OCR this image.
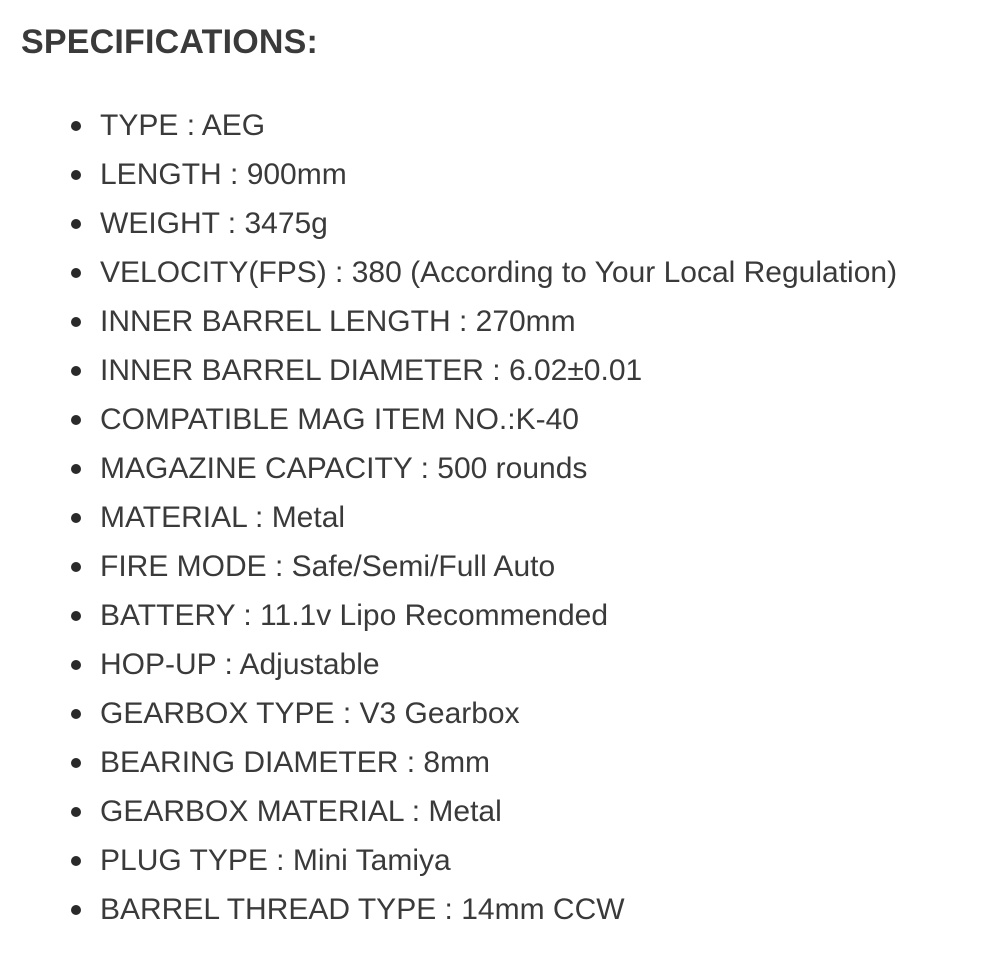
SPECIFICATIONS:
TYPE : AEG
LENGTH : 900mm
WEIGHT : 3475g
VELOCITY(FPS) : 380 (According to Your Local Regulation)
INNER BARREL LENGTH : 270mm
INNER BARREL DIAMETER : 6.02±0.01
COMPATIBLE MAG ITEM NO.:K-40
MAGAZINE CAPACITY : 500 rounds
MATERIAL : Metal
FIRE MODE : Safe/Semi/Full Auto
BATTERY : 11.1v Lipo Recommended
HOP-UP : Adjustable
GEARBOX TYPE : V3 Gearbox
BEARING DIAMETER : 8mm
GEARBOX MATERIAL : Metal
PLUG TYPE : Mini Tamiya
BARREL THREAD TYPE : 14mm CCW
